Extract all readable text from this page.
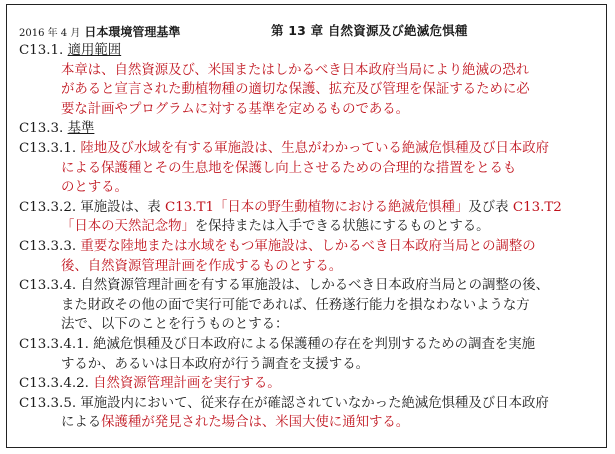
2016 年 4 月 日本環境管理基準	第 13 章 自然資源及び絶滅危惧種
C13.1. 適用範囲
本章は、自然資源及び、米国またはしかるべき日本政府当局により絶滅の恐れ
があると宣言された動植物種の適切な保護、拡充及び管理を保証するために必
要な計画やプログラムに対する基準を定めるものである。
C13.3. 基準
C13.3.1. 陸地及び水域を有する軍施設は、生息がわかっている絶滅危惧種及び日本政府
による保護種とその生息地を保護し向上させるための合理的な措置をとるも
のとする。
C13.3.2. 軍施設は、表 C13.T1「日本の野生動植物における絶滅危惧種」及び表 C13.T2
「日本の天然記念物」を保持または入手できる状態にするものとする。
C13.3.3. 重要な陸地または水域をもつ軍施設は、しかるべき日本政府当局との調整の
後、自然資源管理計画を作成するものとする。
C13.3.4. 自然資源管理計画を有する軍施設は、しかるべき日本政府当局との調整の後、
また財政その他の面で実行可能であれば、任務遂行能力を損なわないような方
法で、以下のことを行うものとする：
C13.3.4.1. 絶滅危惧種及び日本政府による保護種の存在を判別するための調査を実施
するか、あるいは日本政府が行う調査を支援する。
C13.3.4.2. 自然資源管理計画を実行する。
C13.3.5. 軍施設内において、従来存在が確認されていなかった絶滅危惧種及び日本政府
による保護種が発見された場合は、米国大使に通知する。
